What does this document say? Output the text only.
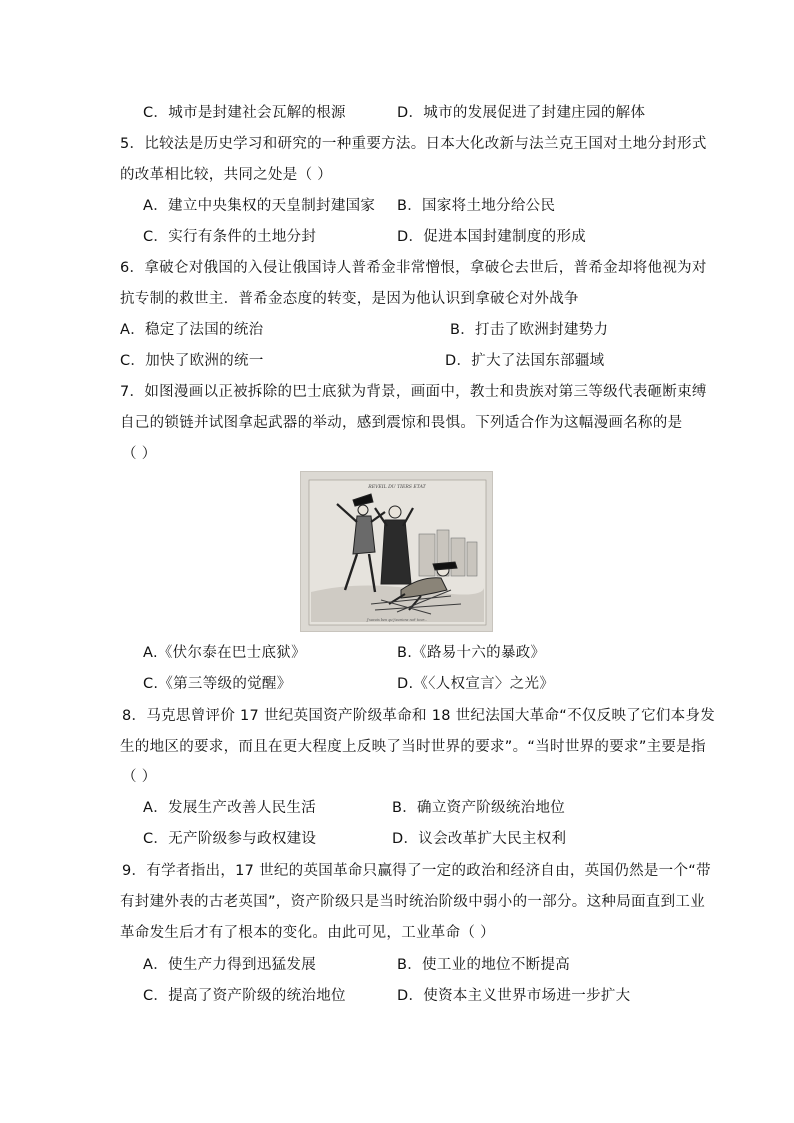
C．城市是封建社会瓦解的根源	D．城市的发展促进了封建庄园的解体
5．比较法是历史学习和研究的一种重要方法。日本大化改新与法兰克王国对土地分封形式
的改革相比较，共同之处是（ ）
A．建立中央集权的天皇制封建国家 B．国家将土地分给公民
C．实行有条件的土地分封	D．促进本国封建制度的形成
6．拿破仑对俄国的入侵让俄国诗人普希金非常憎恨，拿破仑去世后，普希金却将他视为对
抗专制的救世主．普希金态度的转变，是因为他认识到拿破仑对外战争
A．稳定了法国的统治	B．打击了欧洲封建势力
C．加快了欧洲的统一	D．扩大了法国东部疆域
7．如图漫画以正被拆除的巴士底狱为背景，画面中，教士和贵族对第三等级代表砸断束缚
自己的锁链并试图拿起武器的举动，感到震惊和畏惧。下列适合作为这幅漫画名称的是
（ ）
REVEIL DU TIERS ETAT
J'savois ben qu'j'aurions not' tour...
A.《伏尔泰在巴士底狱》	B.《路易十六的暴政》
C.《第三等级的觉醒》	D.《〈人权宣言〉之光》
8．马克思曾评价 17 世纪英国资产阶级革命和 18 世纪法国大革命“不仅反映了它们本身发
生的地区的要求，而且在更大程度上反映了当时世界的要求”。“当时世界的要求”主要是指
（ ）
A．发展生产改善人民生活	B．确立资产阶级统治地位
C．无产阶级参与政权建设	D．议会改革扩大民主权利
9．有学者指出，17 世纪的英国革命只赢得了一定的政治和经济自由，英国仍然是一个“带
有封建外表的古老英国”，资产阶级只是当时统治阶级中弱小的一部分。这种局面直到工业
革命发生后才有了根本的变化。由此可见，工业革命（ ）
A．使生产力得到迅猛发展	B．使工业的地位不断提高
C．提高了资产阶级的统治地位	D．使资本主义世界市场进一步扩大
